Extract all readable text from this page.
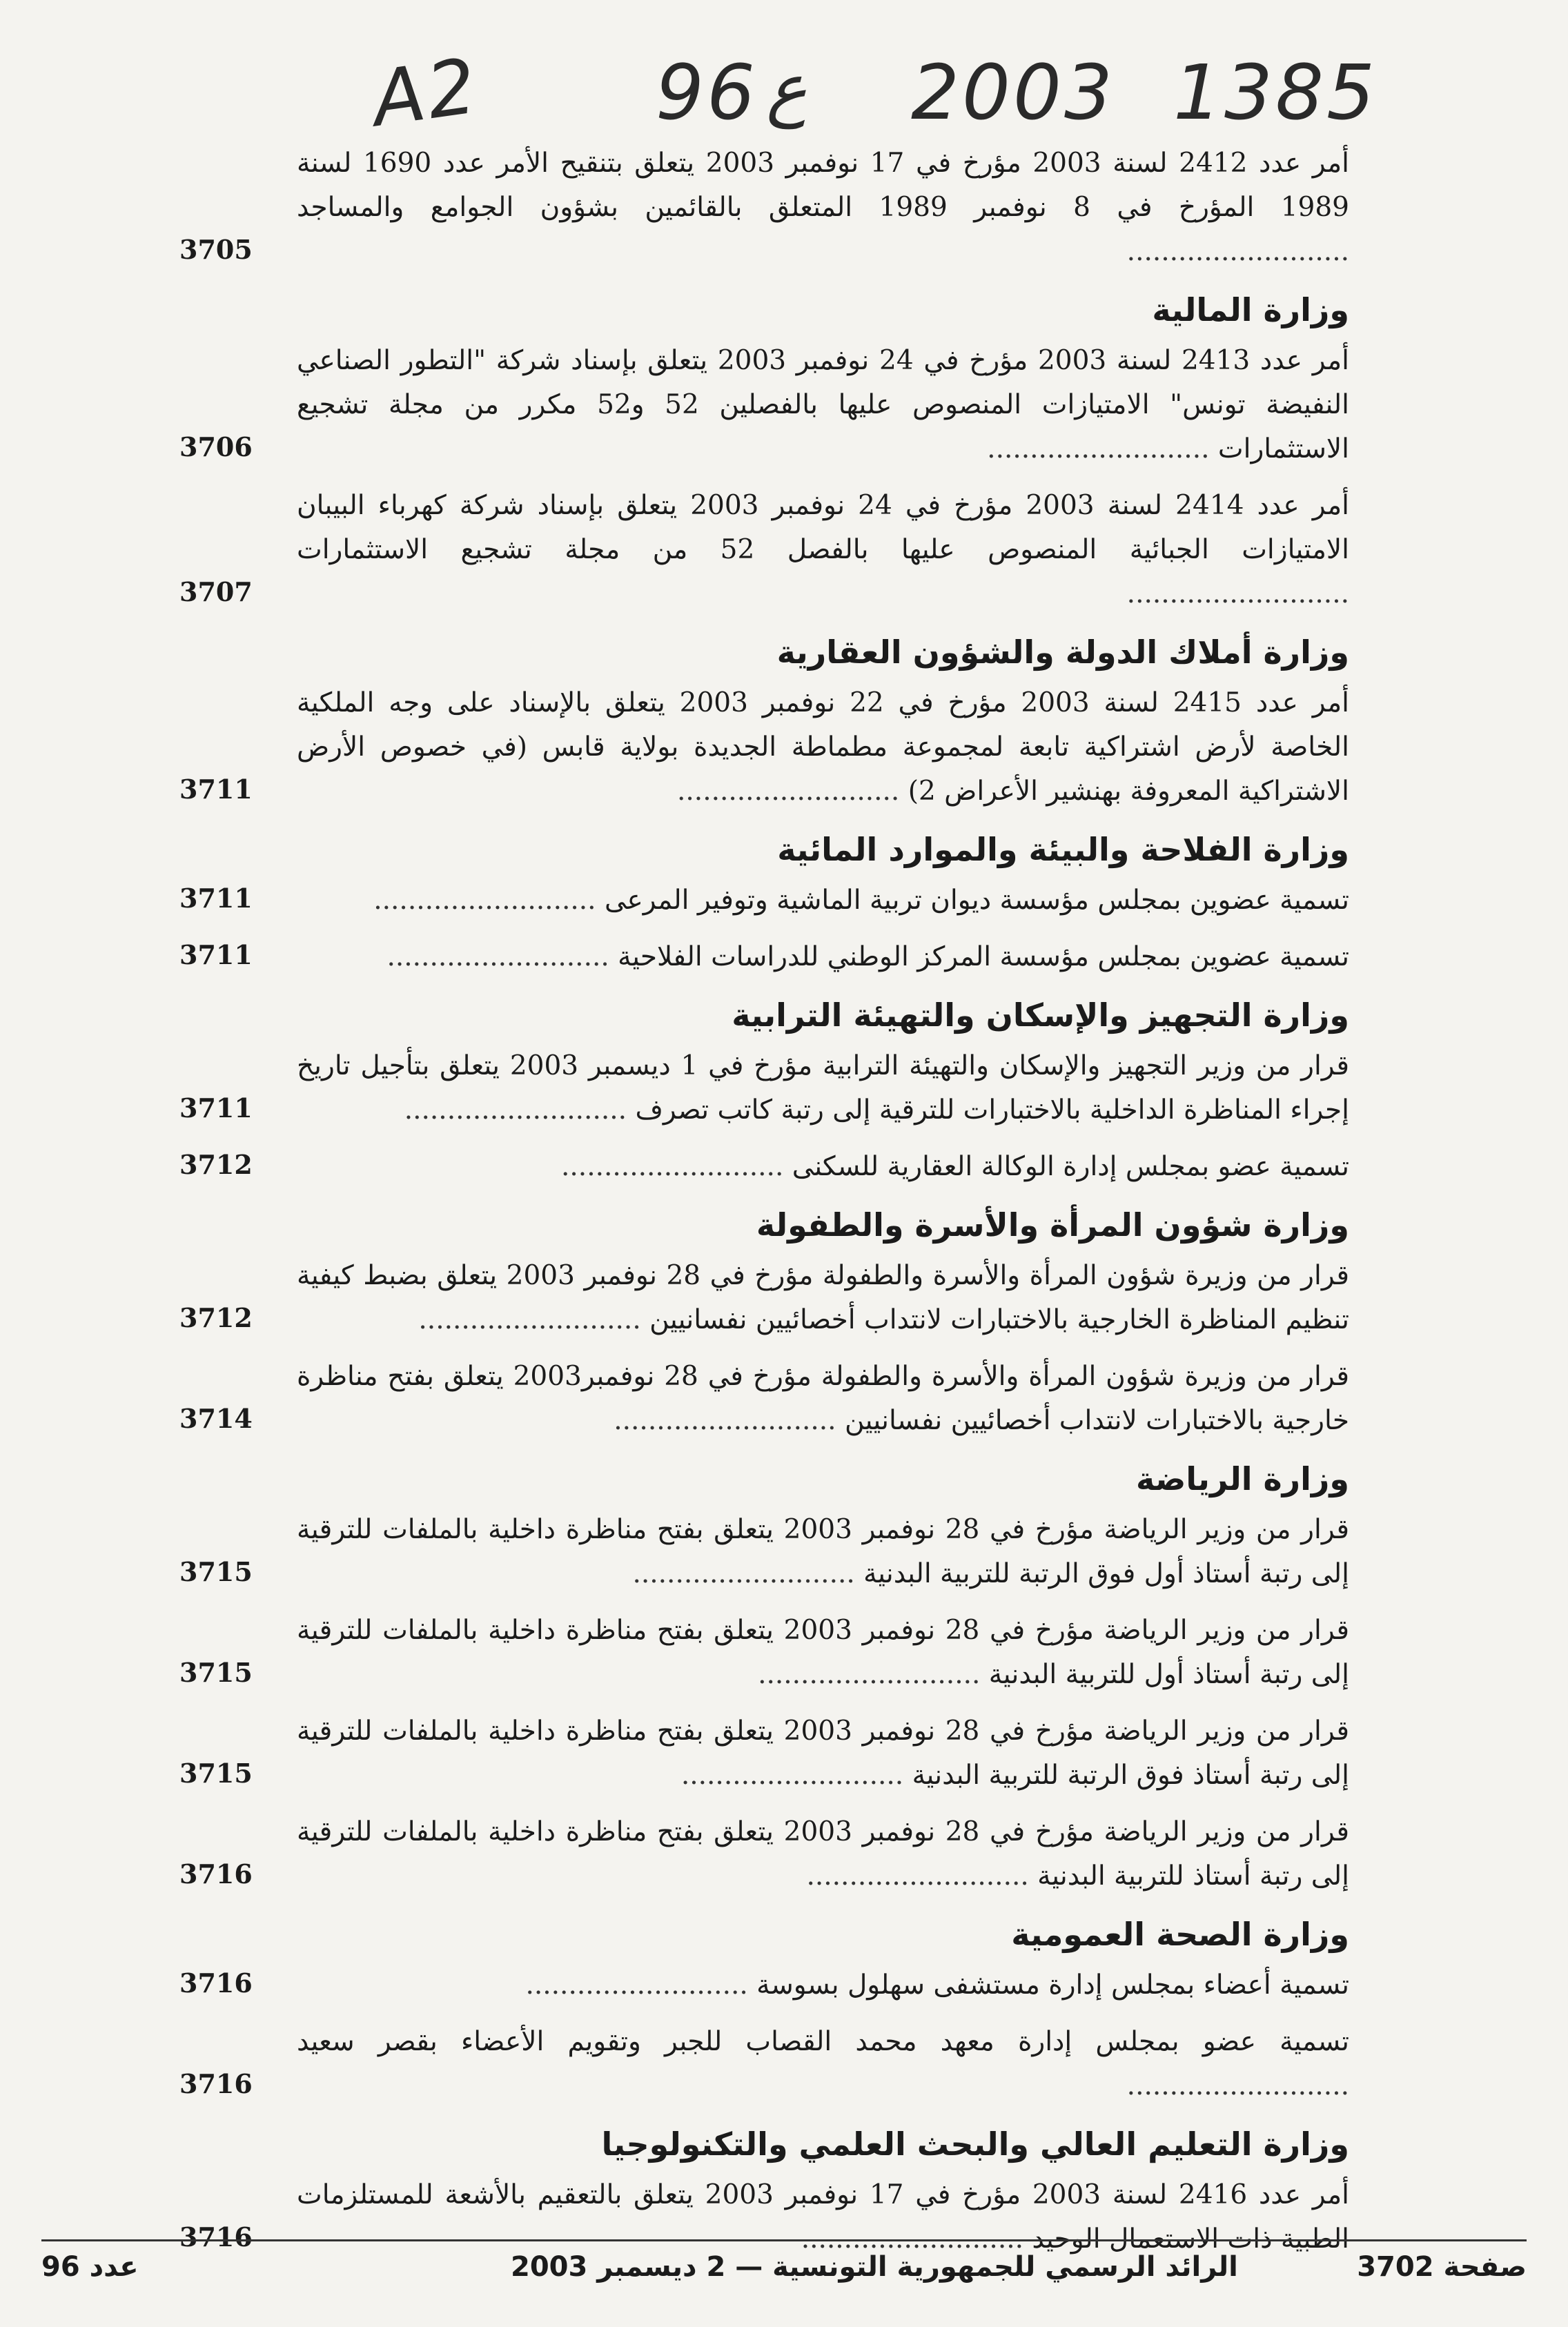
A2 96 ع 2003 1385
أمر عدد 2412 لسنة 2003 مؤرخ في 17 نوفمبر 2003 يتعلق بتنقيح الأمر عدد 1690 لسنة 1989 المؤرخ في 8 نوفمبر 1989 المتعلق بالقائمين بشؤون الجوامع والمساجد ..........................
3705
وزارة المالية
أمر عدد 2413 لسنة 2003 مؤرخ في 24 نوفمبر 2003 يتعلق بإسناد شركة "التطور الصناعي النفيضة تونس" الامتيازات المنصوص عليها بالفصلين 52 و52 مكرر من مجلة تشجيع الاستثمارات ..........................
3706
أمر عدد 2414 لسنة 2003 مؤرخ في 24 نوفمبر 2003 يتعلق بإسناد شركة كهرباء البيبان الامتيازات الجبائية المنصوص عليها بالفصل 52 من مجلة تشجيع الاستثمارات ..........................
3707
وزارة أملاك الدولة والشؤون العقارية
أمر عدد 2415 لسنة 2003 مؤرخ في 22 نوفمبر 2003 يتعلق بالإسناد على وجه الملكية الخاصة لأرض اشتراكية تابعة لمجموعة مطماطة الجديدة بولاية قابس (في خصوص الأرض الاشتراكية المعروفة بهنشير الأعراض 2) ..........................
3711
وزارة الفلاحة والبيئة والموارد المائية
تسمية عضوين بمجلس مؤسسة ديوان تربية الماشية وتوفير المرعى ..........................
3711
تسمية عضوين بمجلس مؤسسة المركز الوطني للدراسات الفلاحية ..........................
3711
وزارة التجهيز والإسكان والتهيئة الترابية
قرار من وزير التجهيز والإسكان والتهيئة الترابية مؤرخ في 1 ديسمبر 2003 يتعلق بتأجيل تاريخ إجراء المناظرة الداخلية بالاختبارات للترقية إلى رتبة كاتب تصرف ..........................
3711
تسمية عضو بمجلس إدارة الوكالة العقارية للسكنى ..........................
3712
وزارة شؤون المرأة والأسرة والطفولة
قرار من وزيرة شؤون المرأة والأسرة والطفولة مؤرخ في 28 نوفمبر 2003 يتعلق بضبط كيفية تنظيم المناظرة الخارجية بالاختبارات لانتداب أخصائيين نفسانيين ..........................
3712
قرار من وزيرة شؤون المرأة والأسرة والطفولة مؤرخ في 28 نوفمبر2003 يتعلق بفتح مناظرة خارجية بالاختبارات لانتداب أخصائيين نفسانيين ..........................
3714
وزارة الرياضة
قرار من وزير الرياضة مؤرخ في 28 نوفمبر 2003 يتعلق بفتح مناظرة داخلية بالملفات للترقية إلى رتبة أستاذ أول فوق الرتبة للتربية البدنية ..........................
3715
قرار من وزير الرياضة مؤرخ في 28 نوفمبر 2003 يتعلق بفتح مناظرة داخلية بالملفات للترقية إلى رتبة أستاذ أول للتربية البدنية ..........................
3715
قرار من وزير الرياضة مؤرخ في 28 نوفمبر 2003 يتعلق بفتح مناظرة داخلية بالملفات للترقية إلى رتبة أستاذ فوق الرتبة للتربية البدنية ..........................
3715
قرار من وزير الرياضة مؤرخ في 28 نوفمبر 2003 يتعلق بفتح مناظرة داخلية بالملفات للترقية إلى رتبة أستاذ للتربية البدنية ..........................
3716
وزارة الصحة العمومية
تسمية أعضاء بمجلس إدارة مستشفى سهلول بسوسة ..........................
3716
تسمية عضو بمجلس إدارة معهد محمد القصاب للجبر وتقويم الأعضاء بقصر سعيد ..........................
3716
وزارة التعليم العالي والبحث العلمي والتكنولوجيا
أمر عدد 2416 لسنة 2003 مؤرخ في 17 نوفمبر 2003 يتعلق بالتعقيم بالأشعة للمستلزمات الطبية ذات الاستعمال الوحيد ..........................
3716
عدد 96	الرائد الرسمي للجمهورية التونسية — 2 ديسمبر 2003	صفحة 3702
